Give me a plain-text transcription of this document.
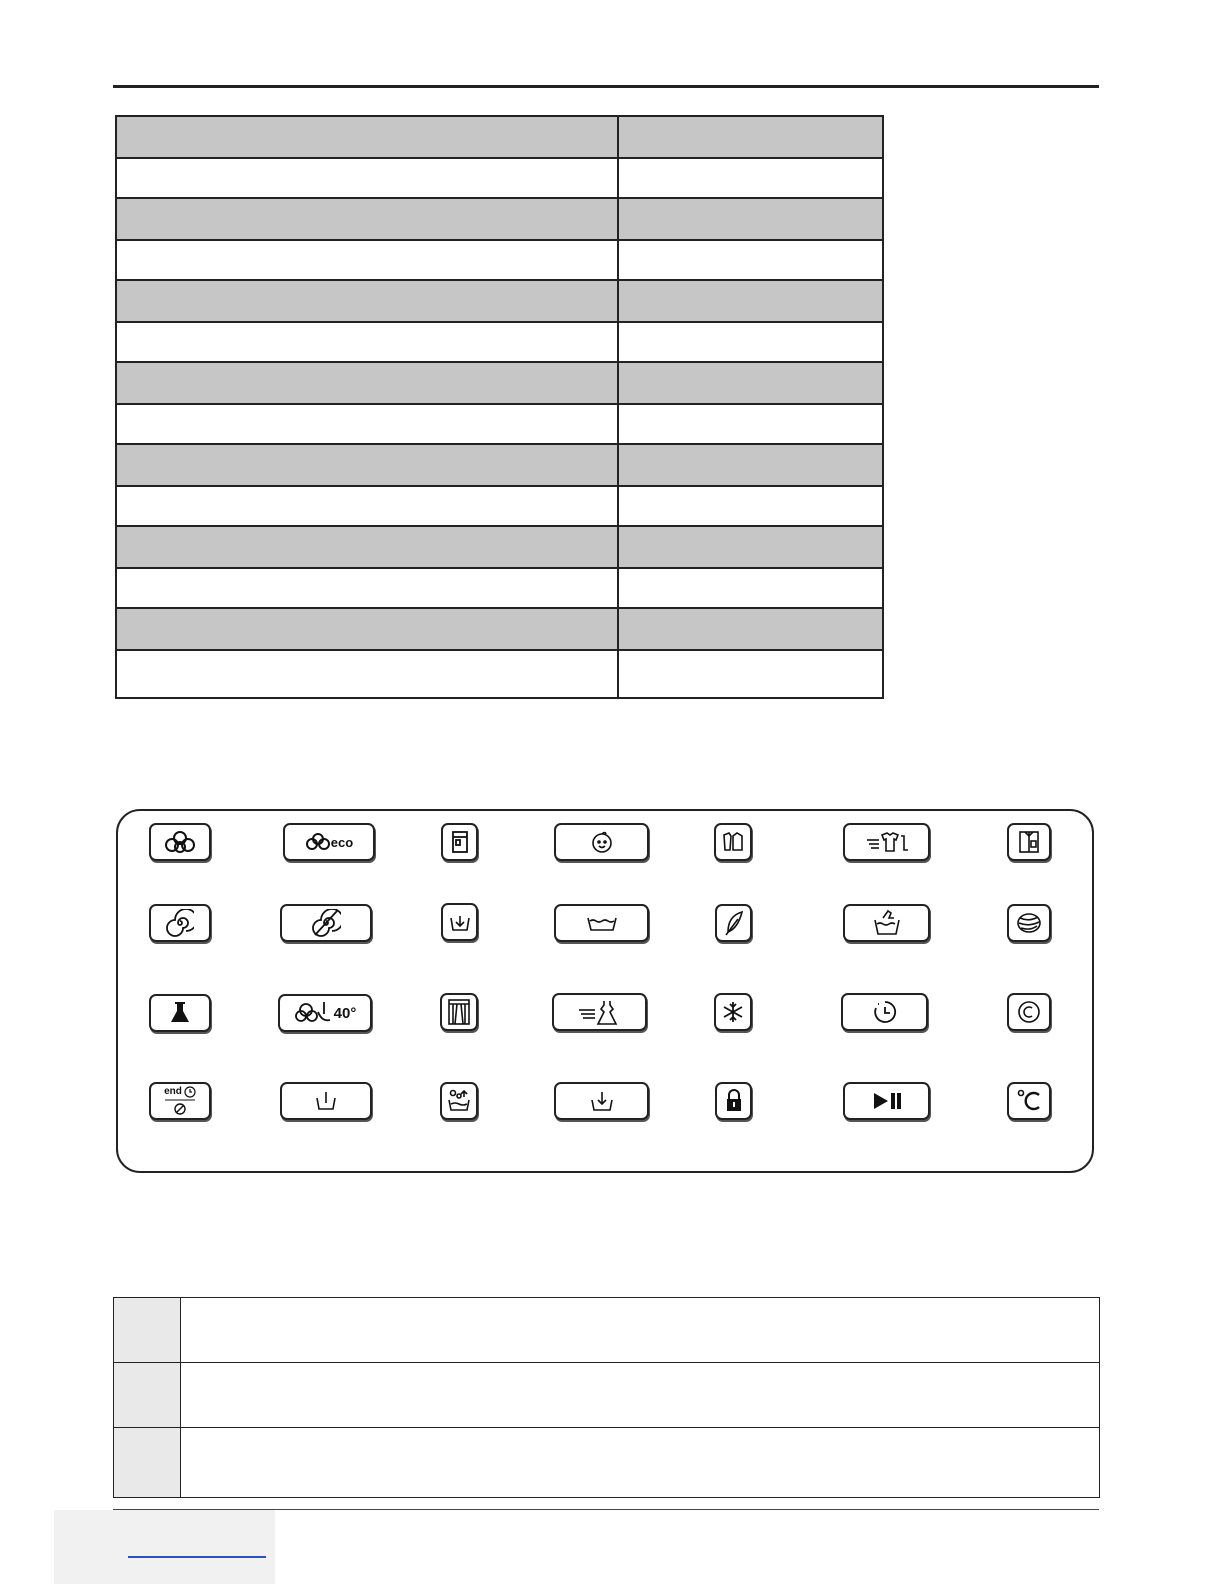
eco
40°
end
